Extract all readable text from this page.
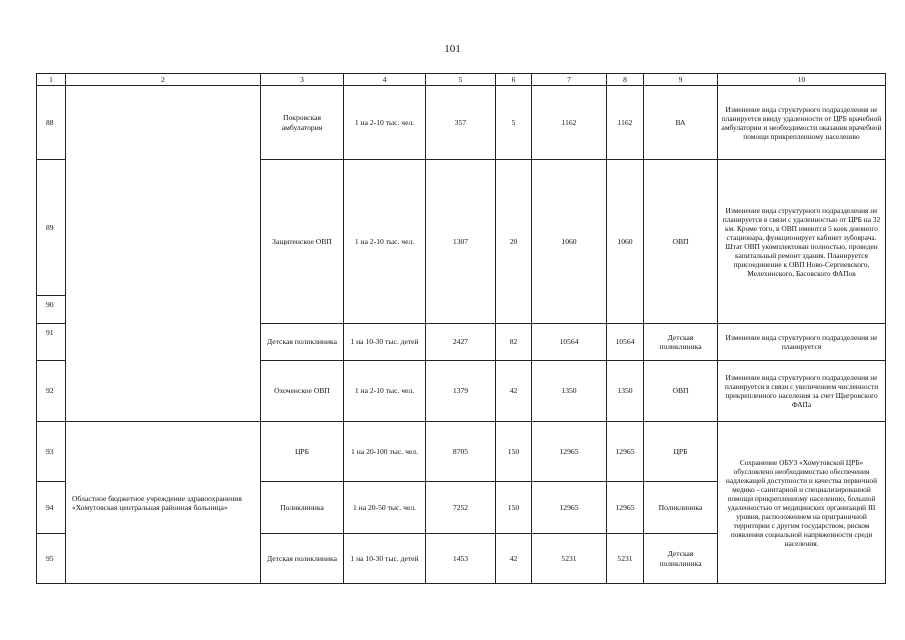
101
1	2	3	4	5	6	7	8	9	10
88		Покровская амбулатория	1 на 2-10 тыс. чел.	357	5	1162	1162	ВА	Изменение вида структурного подразделения не планируется ввиду удаленности от ЦРБ врачебной амбулатории и необходимости оказания врачебной помощи прикрепленному населению
89		Защитенское ОВП	1 на 2-10 тыс. чел.	1307	20	1060	1060	ОВП	Изменение вида структурного подразделения не планируется в связи с удаленностью от ЦРБ на 32 км. Кроме того, в ОВП имеются 5 коек дневного стационара, функционирует кабинет зубоврача. Штат ОВП укомплектован полностью, проведен капитальный ремонт здания. Планируется присоединение к ОВП Ново-Сергиевского, Мелехинского, Басовского ФАПов
90									
91		Детская поликлиника	1 на 10-30 тыс. детей	2427	82	10564	10564	Детская поликлиника	Изменение вида структурного подразделения не планируется
92		Охоченское ОВП	1 на 2-10 тыс. чел.	1379	42	1350	1350	ОВП	Изменение вида структурного подразделения не планируется в связи с увеличением численности прикрепленного населения за счет Щигровского ФАПа
93	Областное бюджетное учреждение здравоохранения «Хомутовская центральная районная больница»	ЦРБ	1 на 20-100 тыс. чел.	8705	150	12965	12965	ЦРБ	Сохранение ОБУЗ «Хомутовской ЦРБ» обусловлено необходимостью обеспечения надлежащей доступности и качества первичной медико - санитарной и специализированной помощи прикрепленному населению, большой удаленностью от медицинских организаций III уровня, расположением на приграничной территории с другим государством, риском появления социальной напряженности среди населения.
94		Поликлиника	1 на 20-50 тыс. чел.	7252	150	12965	12965	Поликлиника	
95		Детская поликлиника	1 на 10-30 тыс. детей	1453	42	5231	5231	Детская поликлиника	
